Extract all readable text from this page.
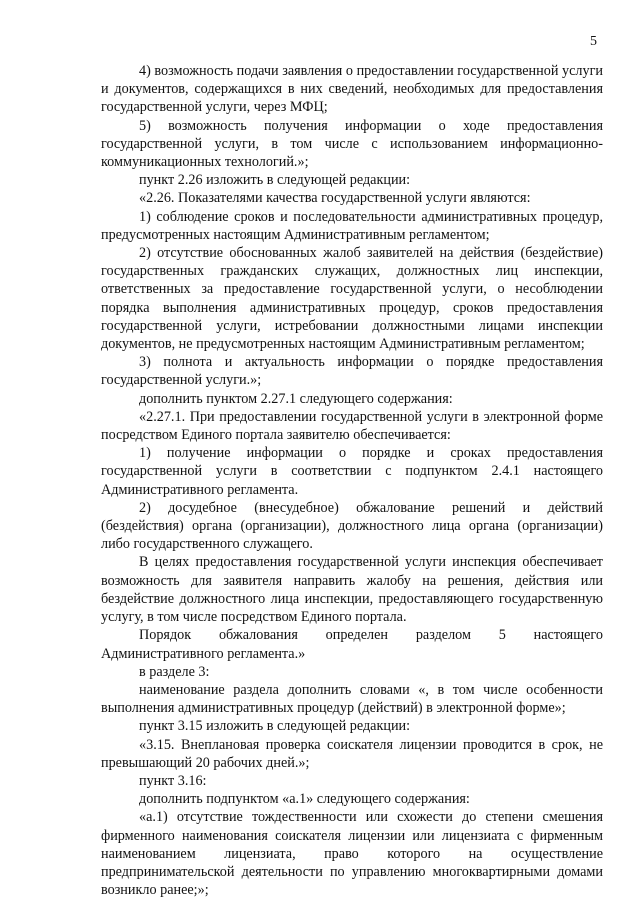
5

4) возможность подачи заявления о предоставлении государственной услуги и документов, содержащихся в них сведений, необходимых для предоставления государственной услуги, через МФЦ;

5) возможность получения информации о ходе предоставления государственной услуги, в том числе с использованием информационно-коммуникационных технологий.»;

пункт 2.26 изложить в следующей редакции:

«2.26. Показателями качества государственной услуги являются:

1) соблюдение сроков и последовательности административных процедур, предусмотренных настоящим Административным регламентом;

2) отсутствие обоснованных жалоб заявителей на действия (бездействие) государственных гражданских служащих, должностных лиц инспекции, ответственных за предоставление государственной услуги, о несоблюдении порядка выполнения административных процедур, сроков предоставления государственной услуги, истребовании должностными лицами инспекции документов, не предусмотренных настоящим Административным регламентом;

3) полнота и актуальность информации о порядке предоставления государственной услуги.»;

дополнить пунктом 2.27.1 следующего содержания:

«2.27.1. При предоставлении государственной услуги в электронной форме посредством Единого портала заявителю обеспечивается:

1) получение информации о порядке и сроках предоставления государственной услуги в соответствии с подпунктом 2.4.1 настоящего Административного регламента.

2) досудебное (внесудебное) обжалование решений и действий (бездействия) органа (организации), должностного лица органа (организации) либо государственного служащего.

В целях предоставления государственной услуги инспекция обеспечивает возможность для заявителя направить жалобу на решения, действия или бездействие должностного лица инспекции, предоставляющего государственную услугу, в том числе посредством Единого портала.

Порядок обжалования определен разделом 5 настоящего Административного регламента.»

в разделе 3:

наименование раздела дополнить словами «, в том числе особенности выполнения административных процедур (действий) в электронной форме»;

пункт 3.15 изложить в следующей редакции:

«3.15. Внеплановая проверка соискателя лицензии проводится в срок, не превышающий 20 рабочих дней.»;

пункт 3.16:

дополнить подпунктом «а.1» следующего содержания:

«а.1) отсутствие тождественности или схожести до степени смешения фирменного наименования соискателя лицензии или лицензиата с фирменным наименованием лицензиата, право которого на осуществление предпринимательской деятельности по управлению многоквартирными домами возникло ранее;»;
